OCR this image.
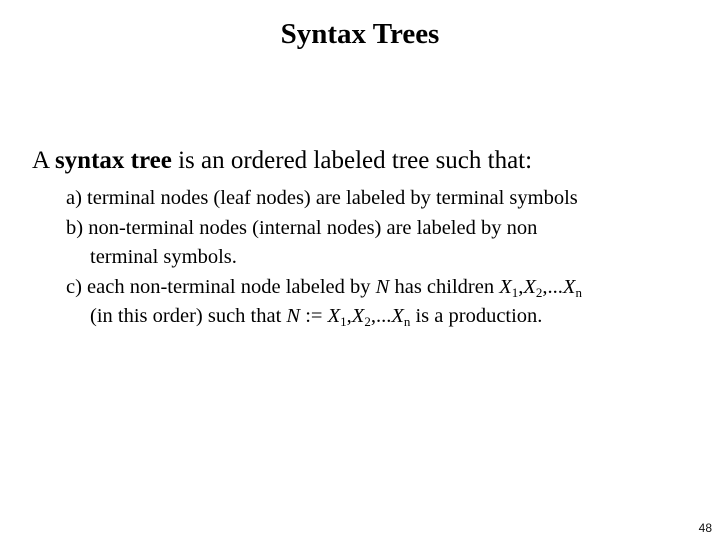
Syntax Trees
A syntax tree is an ordered labeled tree such that:
a) terminal nodes (leaf nodes) are labeled by terminal symbols
b) non-terminal nodes (internal nodes) are labeled by non
terminal symbols.
c) each non-terminal node labeled by N has children $X_1,X_2,...X_n$
(in this order) such that N := $X_1,X_2,...X_n$ is a production.
48
